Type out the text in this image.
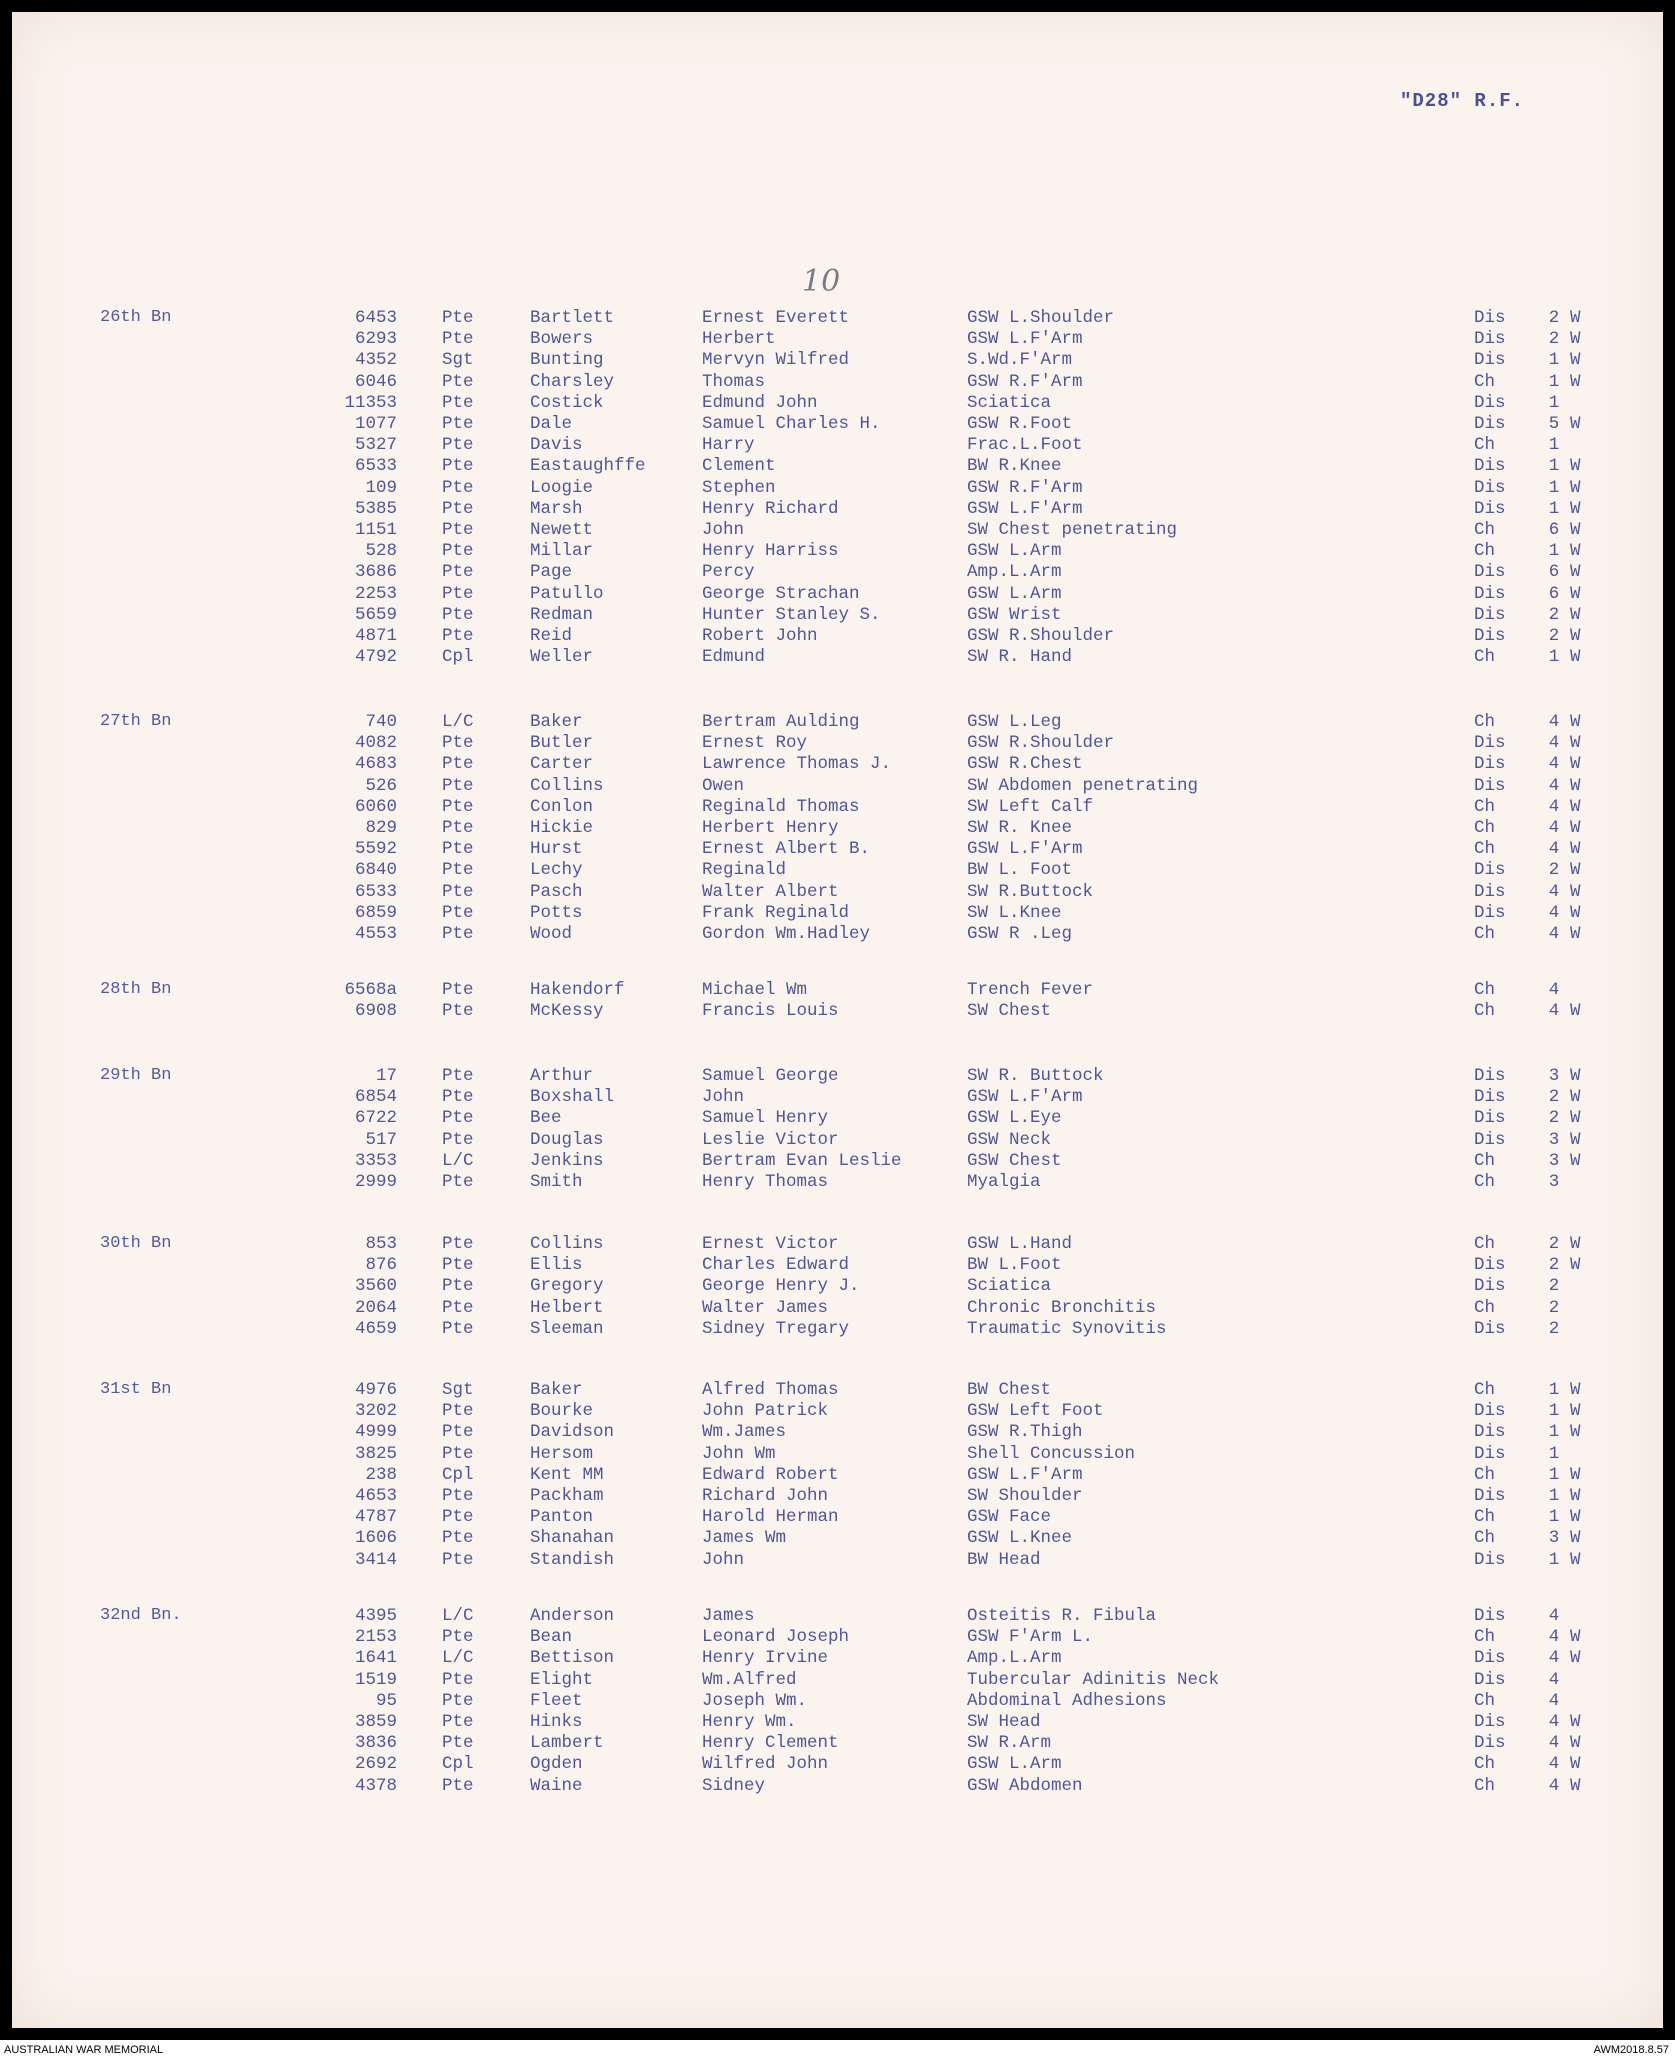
"D28" R.F.
10
26th Bn	6453	Pte	Bartlett	Ernest Everett	GSW L.Shoulder	Dis 2 W
6293	Pte	Bowers	Herbert	GSW L.F'Arm	Dis 2 W
4352	Sgt	Bunting	Mervyn Wilfred	S.Wd.F'Arm	Dis 1 W
6046	Pte	Charsley	Thomas	GSW R.F'Arm	Ch	1 W
11353	Pte	Costick	Edmund John	Sciatica	Dis 1
1077	Pte	Dale	Samuel Charles H.	GSW R.Foot	Dis 5 W
5327	Pte	Davis	Harry	Frac.L.Foot	Ch	1
6533	Pte	Eastaughffe	Clement	BW R.Knee	Dis 1 W
109	Pte	Loogie	Stephen	GSW R.F'Arm	Dis 1 W
5385	Pte	Marsh	Henry Richard	GSW L.F'Arm	Dis 1 W
1151	Pte	Newett	John	SW Chest penetrating	Ch	6 W
528	Pte	Millar	Henry Harriss	GSW L.Arm	Ch	1 W
3686	Pte	Page	Percy	Amp.L.Arm	Dis 6 W
2253	Pte	Patullo	George Strachan	GSW L.Arm	Dis 6 W
5659	Pte	Redman	Hunter Stanley S.	GSW Wrist	Dis 2 W
4871	Pte	Reid	Robert John	GSW R.Shoulder	Dis 2 W
4792	Cpl	Weller	Edmund	SW R. Hand	Ch	1 W
27th Bn	740	L/C	Baker	Bertram Aulding	GSW L.Leg	Ch	4 W
4082	Pte	Butler	Ernest Roy	GSW R.Shoulder	Dis 4 W
4683	Pte	Carter	Lawrence Thomas J.	GSW R.Chest	Dis 4 W
526	Pte	Collins	Owen	SW Abdomen penetrating	Dis 4 W
6060	Pte	Conlon	Reginald Thomas	SW Left Calf	Ch	4 W
829	Pte	Hickie	Herbert Henry	SW R. Knee	Ch	4 W
5592	Pte	Hurst	Ernest Albert B.	GSW L.F'Arm	Ch	4 W
6840	Pte	Lechy	Reginald	BW L. Foot	Dis 2 W
6533	Pte	Pasch	Walter Albert	SW R.Buttock	Dis 4 W
6859	Pte	Potts	Frank Reginald	SW L.Knee	Dis 4 W
4553	Pte	Wood	Gordon Wm.Hadley	GSW R .Leg	Ch	4 W
28th Bn	6568a	Pte	Hakendorf	Michael Wm	Trench Fever	Ch	4
6908	Pte	McKessy	Francis Louis	SW Chest	Ch	4 W
29th Bn	17	Pte	Arthur	Samuel George	SW R. Buttock	Dis 3 W
6854	Pte	Boxshall	John	GSW L.F'Arm	Dis 2 W
6722	Pte	Bee	Samuel Henry	GSW L.Eye	Dis 2 W
517	Pte	Douglas	Leslie Victor	GSW Neck	Dis 3 W
3353	L/C	Jenkins	Bertram Evan Leslie	GSW Chest	Ch	3 W
2999	Pte	Smith	Henry Thomas	Myalgia	Ch	3
30th Bn	853	Pte	Collins	Ernest Victor	GSW L.Hand	Ch	2 W
876	Pte	Ellis	Charles Edward	BW L.Foot	Dis 2 W
3560	Pte	Gregory	George Henry J.	Sciatica	Dis 2
2064	Pte	Helbert	Walter James	Chronic Bronchitis	Ch	2
4659	Pte	Sleeman	Sidney Tregary	Traumatic Synovitis	Dis 2
31st Bn	4976	Sgt	Baker	Alfred Thomas	BW Chest	Ch	1 W
3202	Pte	Bourke	John Patrick	GSW Left Foot	Dis 1 W
4999	Pte	Davidson	Wm.James	GSW R.Thigh	Dis 1 W
3825	Pte	Hersom	John Wm	Shell Concussion	Dis 1
238	Cpl	Kent MM	Edward Robert	GSW L.F'Arm	Ch	1 W
4653	Pte	Packham	Richard John	SW Shoulder	Dis 1 W
4787	Pte	Panton	Harold Herman	GSW Face	Ch	1 W
1606	Pte	Shanahan	James Wm	GSW L.Knee	Ch	3 W
3414	Pte	Standish	John	BW Head	Dis 1 W
32nd Bn.	4395	L/C	Anderson	James	Osteitis R. Fibula	Dis 4
2153	Pte	Bean	Leonard Joseph	GSW F'Arm L.	Ch	4 W
1641	L/C	Bettison	Henry Irvine	Amp.L.Arm	Dis 4 W
1519	Pte	Elight	Wm.Alfred	Tubercular Adinitis Neck	Dis 4
95	Pte	Fleet	Joseph Wm.	Abdominal Adhesions	Ch	4
3859	Pte	Hinks	Henry Wm.	SW Head	Dis 4 W
3836	Pte	Lambert	Henry Clement	SW R.Arm	Dis 4 W
2692	Cpl	Ogden	Wilfred John	GSW L.Arm	Ch	4 W
4378	Pte	Waine	Sidney	GSW Abdomen	Ch	4 W
AUSTRALIAN WAR MEMORIAL	AWM2018.8.57
